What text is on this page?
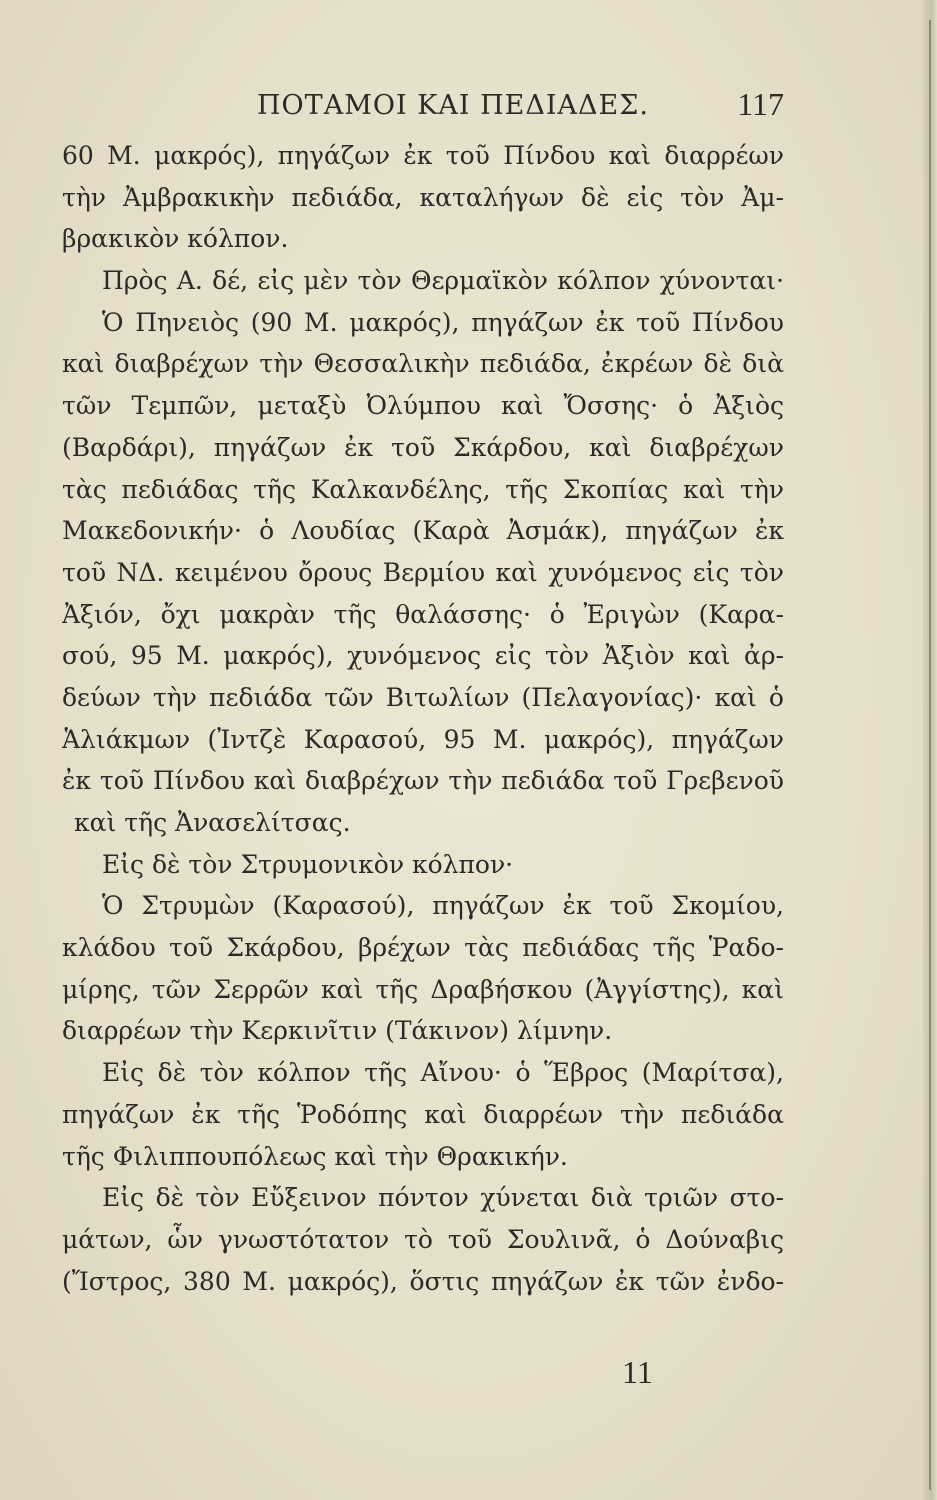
ΠΟΤΑΜΟΙ ΚΑΙ ΠΕΔΙΑΔΕΣ.	117
60 Μ. μακρός), πηγάζων ἐκ τοῦ Πίνδου καὶ διαρρέων
τὴν Ἀμβρακικὴν πεδιάδα, καταλήγων δὲ εἰς τὸν Ἀμ-
βρακικὸν κόλπον.
Πρὸς Α. δέ, εἰς μὲν τὸν Θερμαϊκὸν κόλπον χύνονται·
Ὁ Πηνειὸς (90 Μ. μακρός), πηγάζων ἐκ τοῦ Πίνδου
καὶ διαβρέχων τὴν Θεσσαλικὴν πεδιάδα, ἐκρέων δὲ διὰ
τῶν Τεμπῶν, μεταξὺ Ὀλύμπου καὶ Ὄσσης· ὁ Ἀξιὸς
(Βαρδάρι), πηγάζων ἐκ τοῦ Σκάρδου, καὶ διαβρέχων
τὰς πεδιάδας τῆς Καλκανδέλης, τῆς Σκοπίας καὶ τὴν
Μακεδονικήν· ὁ Λουδίας (Καρὰ Ἀσμάκ), πηγάζων ἐκ
τοῦ ΝΔ. κειμένου ὄρους Βερμίου καὶ χυνόμενος εἰς τὸν
Ἀξιόν, ὄχι μακρὰν τῆς θαλάσσης· ὁ Ἐριγὼν (Καρα-
σού, 95 Μ. μακρός), χυνόμενος εἰς τὸν Ἀξιὸν καὶ ἀρ-
δεύων τὴν πεδιάδα τῶν Βιτωλίων (Πελαγονίας)· καὶ ὁ
Ἁλιάκμων (Ἰντζὲ Καρασού, 95 Μ. μακρός), πηγάζων
ἐκ τοῦ Πίνδου καὶ διαβρέχων τὴν πεδιάδα τοῦ Γρεβενοῦ
καὶ τῆς Ἀνασελίτσας.
Εἰς δὲ τὸν Στρυμονικὸν κόλπον·
Ὁ Στρυμὼν (Καρασού), πηγάζων ἐκ τοῦ Σκομίου,
κλάδου τοῦ Σκάρδου, βρέχων τὰς πεδιάδας τῆς Ῥαδο-
μίρης, τῶν Σερρῶν καὶ τῆς Δραβήσκου (Ἀγγίστης), καὶ
διαρρέων τὴν Κερκινῖτιν (Τάκινον) λίμνην.
Εἰς δὲ τὸν κόλπον τῆς Αἴνου· ὁ Ἕβρος (Μαρίτσα),
πηγάζων ἐκ τῆς Ῥοδόπης καὶ διαρρέων τὴν πεδιάδα
τῆς Φιλιππουπόλεως καὶ τὴν Θρακικήν.
Εἰς δὲ τὸν Εὔξεινον πόντον χύνεται διὰ τριῶν στο-
μάτων, ὧν γνωστότατον τὸ τοῦ Σουλινᾶ, ὁ Δούναβις
(Ἴστρος, 380 Μ. μακρός), ὅστις πηγάζων ἐκ τῶν ἐνδο-
11
